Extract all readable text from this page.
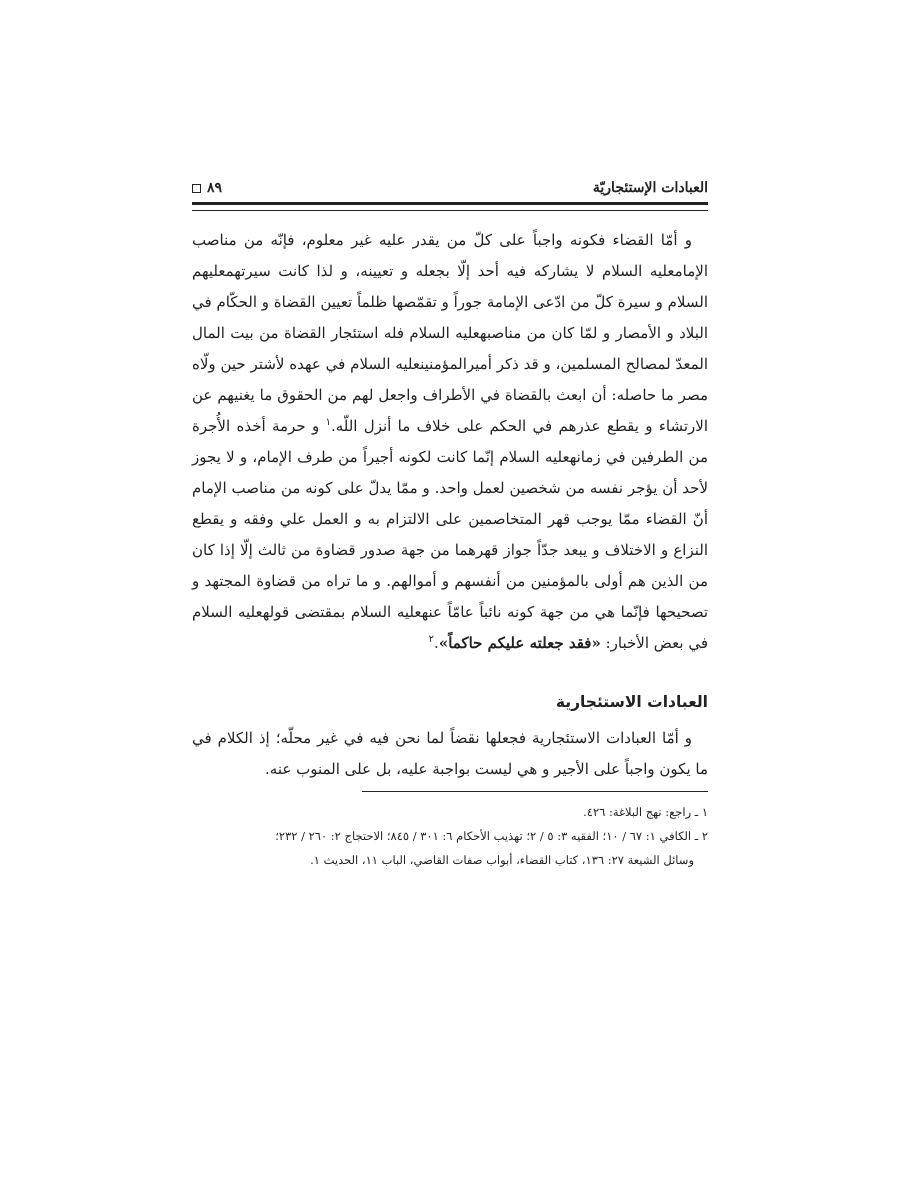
العبادات الإستئجاريّة
٨٩

و أمّا القضاء فكونه واجباً على كلّ من يقدر عليه غير معلوم، فإنّه من مناصب الإمامعليه السلام لا يشاركه فيه أحد إلّا بجعله و تعيينه، و لذا كانت سيرتهمعليهم السلام و سيرة كلّ من ادّعى الإمامة جوراً و تقمّصها ظلماً تعيين القضاة و الحكّام في البلاد و الأمصار و لمّا كان من مناصبهعليه السلام فله استئجار القضاة من بيت المال المعدّ لمصالح المسلمين، و قد ذكر أميرالمؤمنينعليه السلام في عهده لأشتر حين ولّاه مصر ما حاصله: أن ابعث بالقضاة في الأطراف واجعل لهم من الحقوق ما يغنيهم عن الارتشاء و يقطع عذرهم في الحكم على خلاف ما أنزل اللّه.$^١$ و حرمة أخذه الأُجرة من الطرفين في زمانهعليه السلام إنّما كانت لكونه أجيراً من طرف الإمام، و لا يجوز لأحد أن يؤجر نفسه من شخصين لعمل واحد. و ممّا يدلّ على كونه من مناصب الإمام أنّ القضاء ممّا يوجب قهر المتخاصمين على الالتزام به و العمل علي وفقه و يقطع النزاع و الاختلاف و يبعد جدّاً جواز قهرهما من جهة صدور قضاوة من ثالث إلّا إذا كان من الذين هم أولى بالمؤمنين من أنفسهم و أموالهم. و ما تراه من قضاوة المجتهد و تصحيحها فإنّما هي من جهة كونه نائباً عامّاً عنهعليه السلام بمقتضى قولهعليه السلام في بعض الأخبار: «فقد جعلته عليكم حاكماً».$^٢$

العبادات الاستئجارية

و أمّا العبادات الاستئجارية فجعلها نقضاً لما نحن فيه في غير محلّه؛ إذ الكلام في ما يكون واجباً على الأجير و هي ليست بواجبة عليه، بل على المنوب عنه.

١ ـ راجع: نهج البلاغة: ٤٢٦.

٢ ـ الكافي ١: ٦٧ / ١٠؛ الفقيه ٣: ٥ / ٢؛ تهذيب الأحكام ٦: ٣٠١ / ٨٤٥؛ الاحتجاج ٢: ٢٦٠ / ٢٣٢؛

وسائل الشيعة ٢٧: ١٣٦، كتاب القضاء، أبواب صفات القاضي، الباب ١١، الحديث ١.
